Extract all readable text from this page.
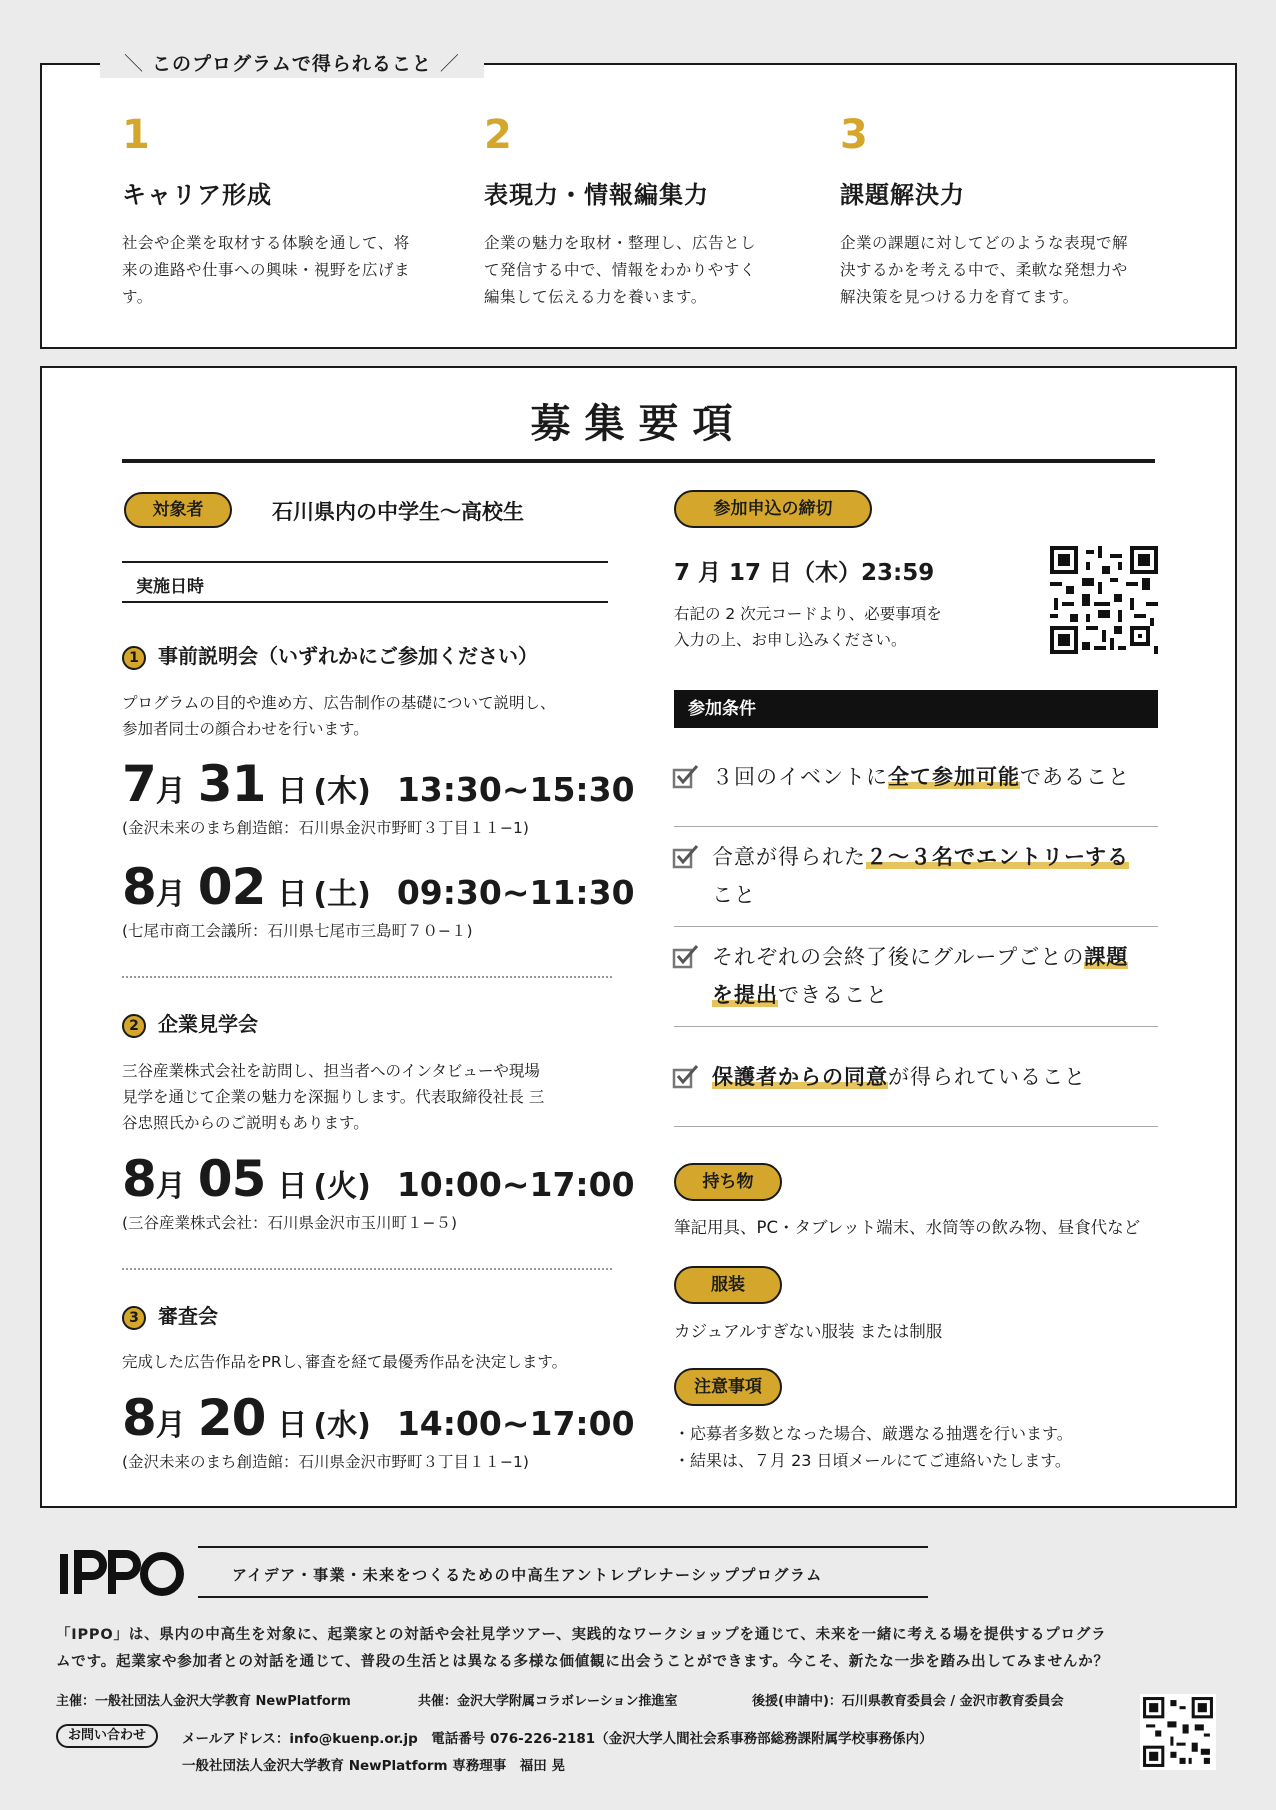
1
キャリア形成
社会や企業を取材する体験を通して、将
来の進路や仕事への興味・視野を広げま
す。
2
表現力・情報編集力
企業の魅力を取材・整理し、広告とし
て発信する中で、情報をわかりやすく
編集して伝える力を養います。
3
課題解決力
企業の課題に対してどのような表現で解
決するかを考える中で、柔軟な発想力や
解決策を見つける力を育てます。
＼ このプログラムで得られること ／
募集要項
対象者	石川県内の中学生〜高校生
実施日時
1 事前説明会（いずれかにご参加ください）
プログラムの目的や進め方、広告制作の基礎について説明し、
参加者同士の顔合わせを行います。
7月 31 日 (木) 13:30~15:30
(金沢未来のまち創造館：石川県金沢市野町３丁目１１−1)
8月 02 日 (土) 09:30~11:30
(七尾市商工会議所：石川県七尾市三島町７０−１)
2 企業見学会
三谷産業株式会社を訪問し、担当者へのインタビューや現場
見学を通じて企業の魅力を深掘りします。代表取締役社長 三
谷忠照氏からのご説明もあります。
8月 05 日 (火) 10:00~17:00
(三谷産業株式会社：石川県金沢市玉川町１−５)
3 審査会
完成した広告作品をPRし､審査を経て最優秀作品を決定します。
8月 20 日 (水) 14:00~17:00
(金沢未来のまち創造館：石川県金沢市野町３丁目１１−1)
参加申込の締切
7 月 17 日（木）23:59
右記の 2 次元コードより、必要事項を
入力の上、お申し込みください。
参加条件
３回のイベントに全て参加可能であること
合意が得られた２〜３名でエントリーする
こと
それぞれの会終了後にグループごとの課題
を提出できること
保護者からの同意が得られていること
持ち物
筆記用具、PC・タブレット端末、水筒等の飲み物、昼食代など
服装
カジュアルすぎない服装 または制服
注意事項
・応募者多数となった場合、厳選なる抽選を行います。
・結果は、７月 23 日頃メールにてご連絡いたします。
アイデア・事業・未来をつくるための中高生アントレプレナーシッププログラム
「IPPO」は、県内の中高生を対象に、起業家との対話や会社見学ツアー、実践的なワークショップを通じて、未来を一緒に考える場を提供するプログラ
ムです。起業家や参加者との対話を通じて、普段の生活とは異なる多様な価値観に出会うことができます。今こそ、新たな一歩を踏み出してみませんか？
主催：一般社団法人金沢大学教育 NewPlatform	共催：金沢大学附属コラボレーション推進室	後援(申請中)：石川県教育委員会 / 金沢市教育委員会
お問い合わせ	メールアドレス：info@kuenp.or.jp　電話番号 076-226-2181（金沢大学人間社会系事務部総務課附属学校事務係内）
一般社団法人金沢大学教育 NewPlatform 専務理事　福田 晃
